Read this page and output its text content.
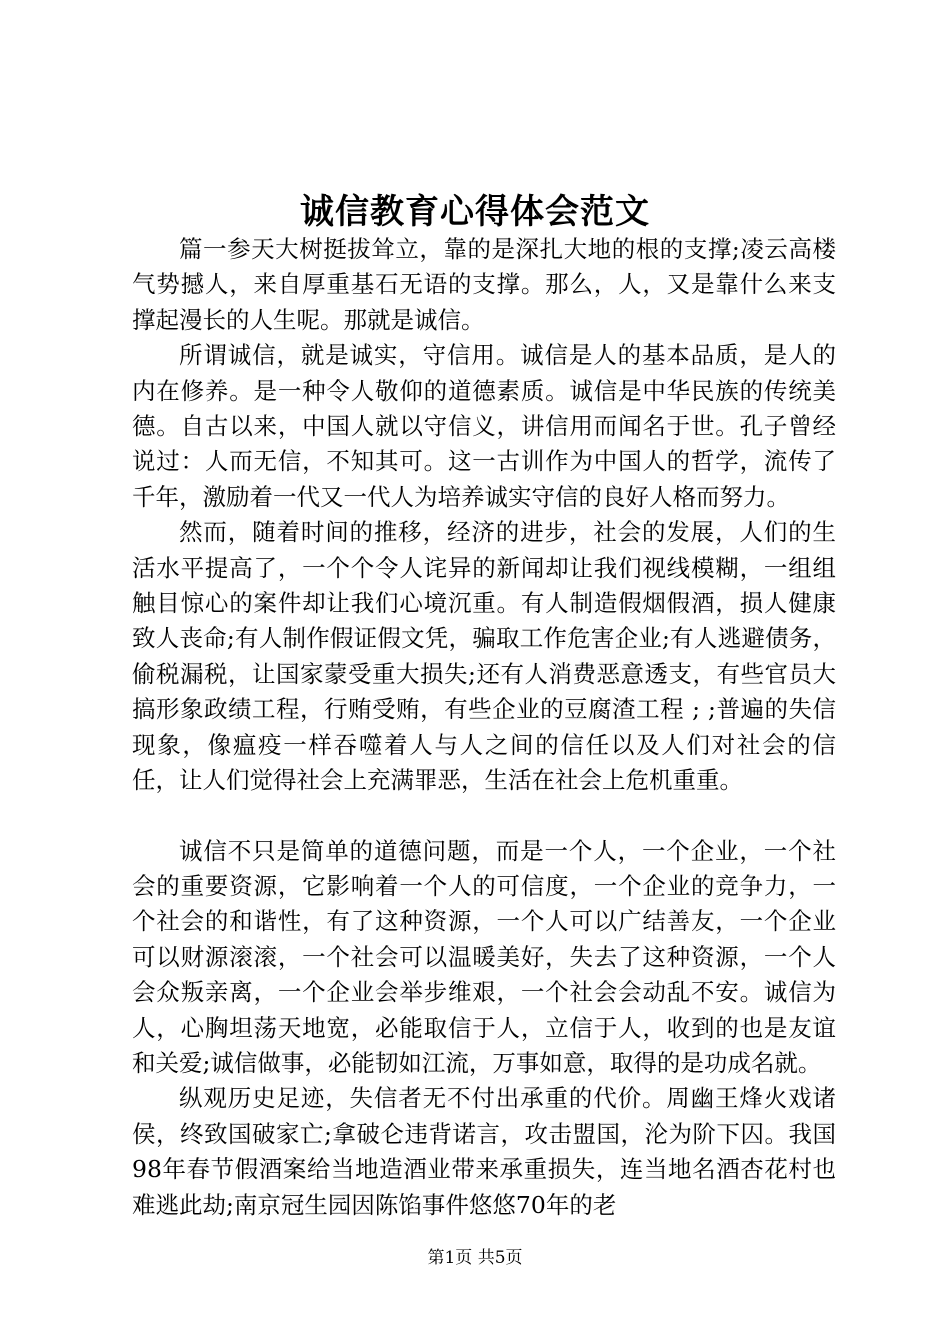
诚信教育心得体会范文

篇一参天大树挺拔耸立，靠的是深扎大地的根的支撑;凌云高楼气势撼人，来自厚重基石无语的支撑。那么，人，又是靠什么来支撑起漫长的人生呢。那就是诚信。

所谓诚信，就是诚实，守信用。诚信是人的基本品质，是人的内在修养。是一种令人敬仰的道德素质。诚信是中华民族的传统美德。自古以来，中国人就以守信义，讲信用而闻名于世。孔子曾经说过：人而无信，不知其可。这一古训作为中国人的哲学，流传了千年，激励着一代又一代人为培养诚实守信的良好人格而努力。

然而，随着时间的推移，经济的进步，社会的发展，人们的生活水平提高了，一个个令人诧异的新闻却让我们视线模糊，一组组触目惊心的案件却让我们心境沉重。有人制造假烟假酒，损人健康致人丧命;有人制作假证假文凭，骗取工作危害企业;有人逃避债务，偷税漏税，让国家蒙受重大损失;还有人消费恶意透支，有些官员大搞形象政绩工程，行贿受贿，有些企业的豆腐渣工程 ; ;普遍的失信现象，像瘟疫一样吞噬着人与人之间的信任以及人们对社会的信任，让人们觉得社会上充满罪恶，生活在社会上危机重重。

诚信不只是简单的道德问题，而是一个人，一个企业，一个社会的重要资源，它影响着一个人的可信度，一个企业的竞争力，一个社会的和谐性，有了这种资源，一个人可以广结善友，一个企业可以财源滚滚，一个社会可以温暖美好，失去了这种资源，一个人会众叛亲离，一个企业会举步维艰，一个社会会动乱不安。诚信为人，心胸坦荡天地宽，必能取信于人，立信于人，收到的也是友谊和关爱;诚信做事，必能韧如江流，万事如意，取得的是功成名就。

纵观历史足迹，失信者无不付出承重的代价。周幽王烽火戏诸侯，终致国破家亡;拿破仑违背诺言，攻击盟国，沦为阶下囚。我国98年春节假酒案给当地造酒业带来承重损失，连当地名酒杏花村也难逃此劫;南京冠生园因陈馅事件悠悠70年的老

第1页 共5页
